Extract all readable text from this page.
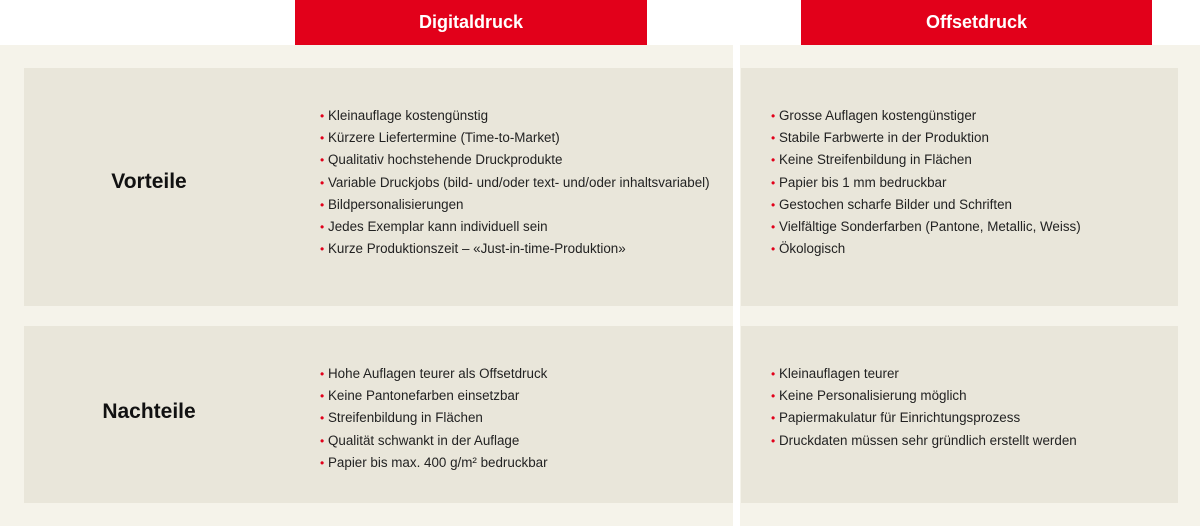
Digitaldruck	Offsetdruck
Vorteile
• Kleinauflage kostengünstig
• Kürzere Liefertermine (Time-to-Market)
• Qualitativ hochstehende Druckprodukte
• Variable Druckjobs (bild- und/oder text- und/oder inhaltsvariabel)
• Bildpersonalisierungen
• Jedes Exemplar kann individuell sein
• Kurze Produktionszeit – «Just-in-time-Produktion»
• Grosse Auflagen kostengünstiger
• Stabile Farbwerte in der Produktion
• Keine Streifenbildung in Flächen
• Papier bis 1 mm bedruckbar
• Gestochen scharfe Bilder und Schriften
• Vielfältige Sonderfarben (Pantone, Metallic, Weiss)
• Ökologisch
Nachteile
• Hohe Auflagen teurer als Offsetdruck
• Keine Pantonefarben einsetzbar
• Streifenbildung in Flächen
• Qualität schwankt in der Auflage
• Papier bis max. 400 g/m² bedruckbar
• Kleinauflagen teurer
• Keine Personalisierung möglich
• Papiermakulatur für Einrichtungsprozess
• Druckdaten müssen sehr gründlich erstellt werden
